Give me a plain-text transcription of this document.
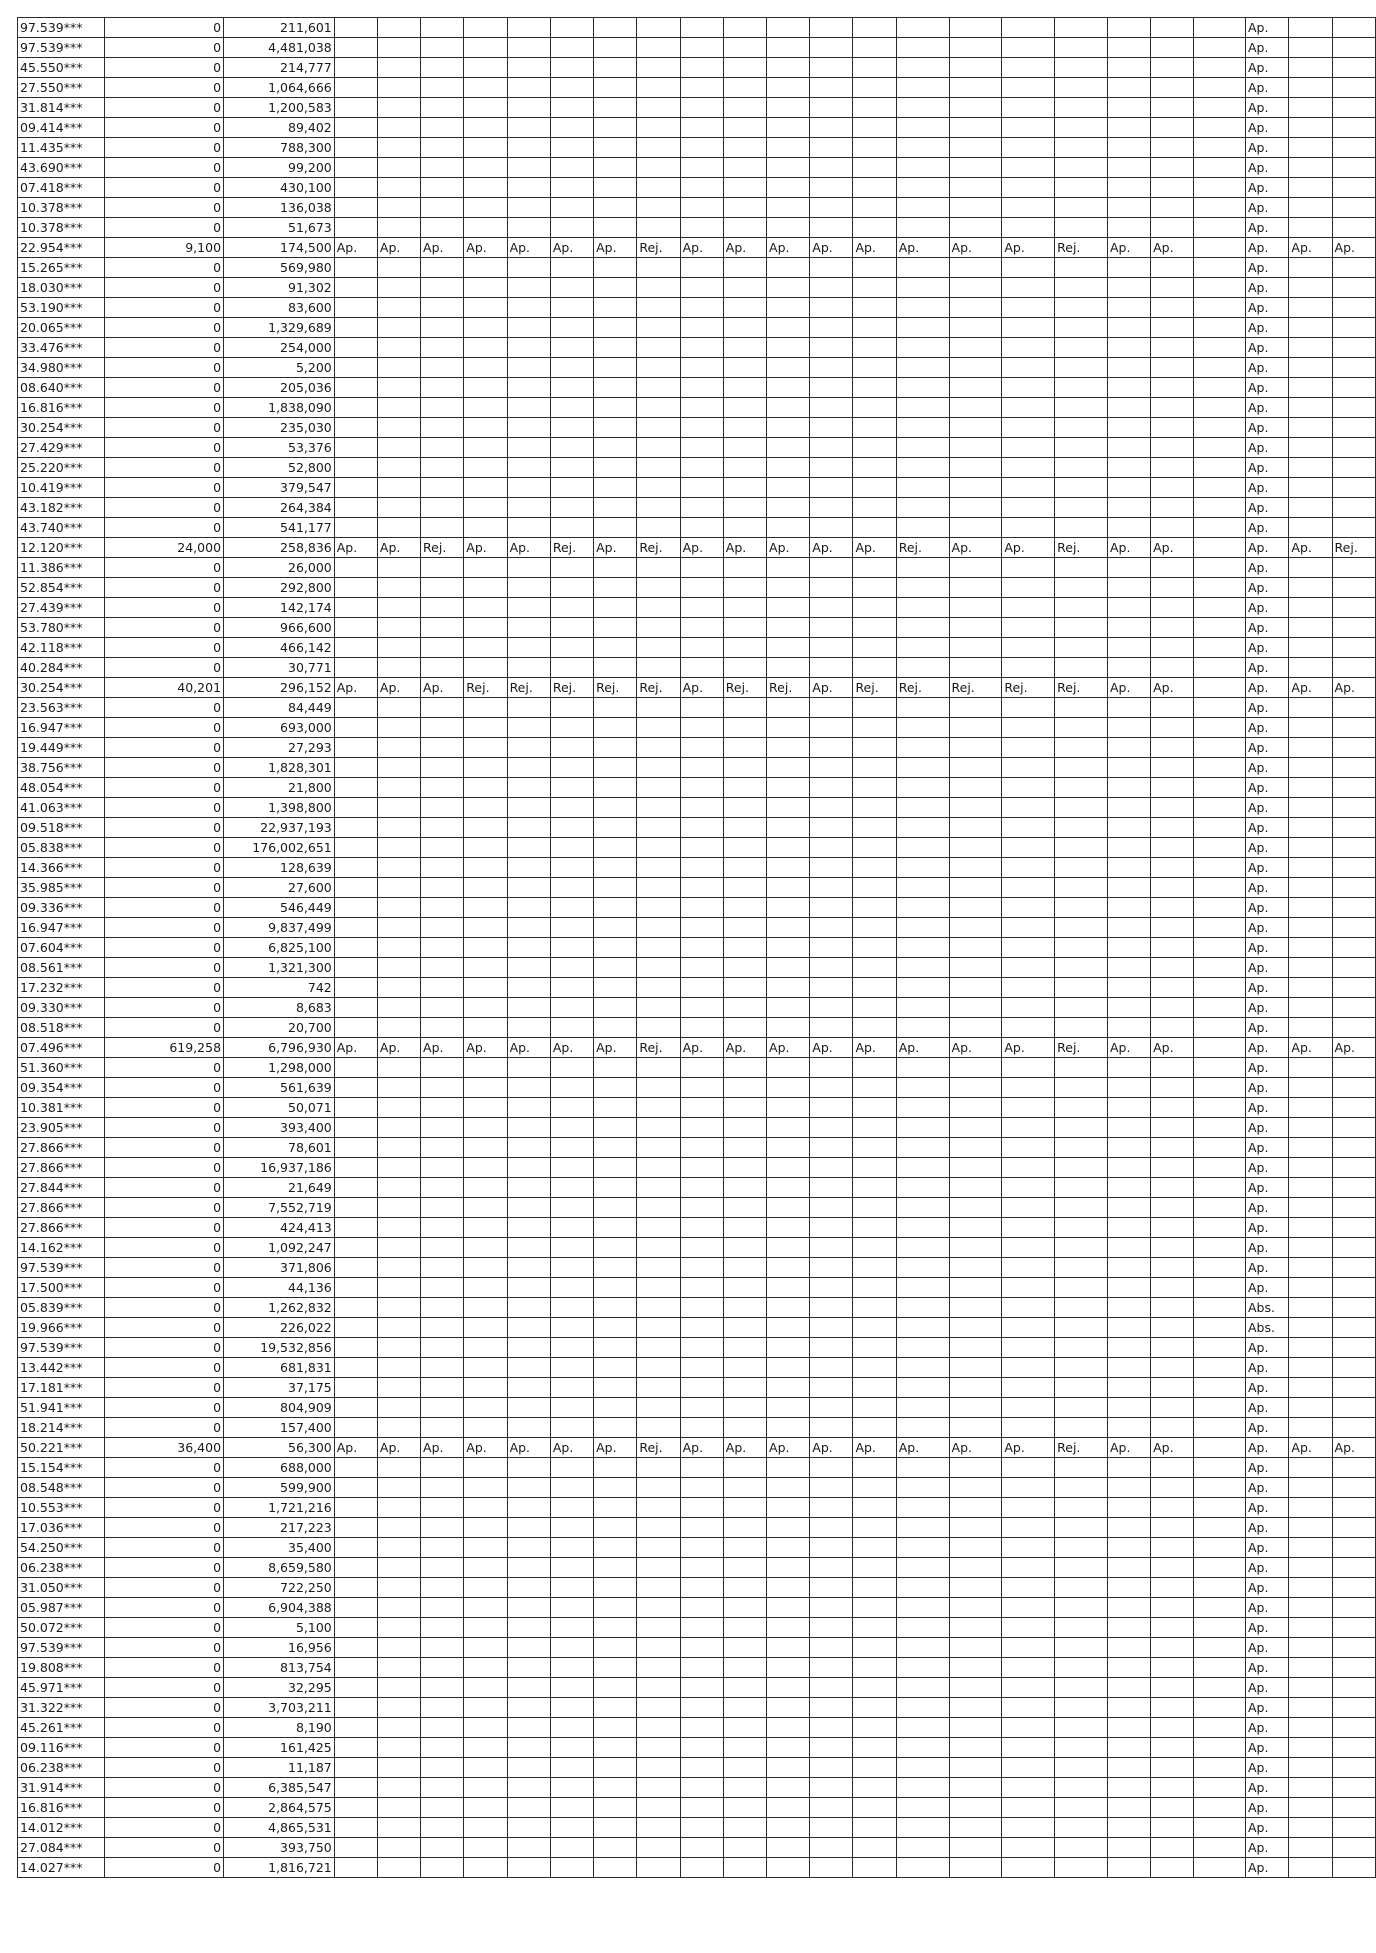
97.539***	0	211,601																					Ap.		
97.539***	0	4,481,038																					Ap.		
45.550***	0	214,777																					Ap.		
27.550***	0	1,064,666																					Ap.		
31.814***	0	1,200,583																					Ap.		
09.414***	0	89,402																					Ap.		
11.435***	0	788,300																					Ap.		
43.690***	0	99,200																					Ap.		
07.418***	0	430,100																					Ap.		
10.378***	0	136,038																					Ap.		
10.378***	0	51,673																					Ap.		
22.954***	9,100	174,500	Ap.	Ap.	Ap.	Ap.	Ap.	Ap.	Ap.	Rej.	Ap.	Ap.	Ap.	Ap.	Ap.	Ap.	Ap.	Ap.	Rej.	Ap.	Ap.		Ap.	Ap.	Ap.
15.265***	0	569,980																					Ap.		
18.030***	0	91,302																					Ap.		
53.190***	0	83,600																					Ap.		
20.065***	0	1,329,689																					Ap.		
33.476***	0	254,000																					Ap.		
34.980***	0	5,200																					Ap.		
08.640***	0	205,036																					Ap.		
16.816***	0	1,838,090																					Ap.		
30.254***	0	235,030																					Ap.		
27.429***	0	53,376																					Ap.		
25.220***	0	52,800																					Ap.		
10.419***	0	379,547																					Ap.		
43.182***	0	264,384																					Ap.		
43.740***	0	541,177																					Ap.		
12.120***	24,000	258,836	Ap.	Ap.	Rej.	Ap.	Ap.	Rej.	Ap.	Rej.	Ap.	Ap.	Ap.	Ap.	Ap.	Rej.	Ap.	Ap.	Rej.	Ap.	Ap.		Ap.	Ap.	Rej.
11.386***	0	26,000																					Ap.		
52.854***	0	292,800																					Ap.		
27.439***	0	142,174																					Ap.		
53.780***	0	966,600																					Ap.		
42.118***	0	466,142																					Ap.		
40.284***	0	30,771																					Ap.		
30.254***	40,201	296,152	Ap.	Ap.	Ap.	Rej.	Rej.	Rej.	Rej.	Rej.	Ap.	Rej.	Rej.	Ap.	Rej.	Rej.	Rej.	Rej.	Rej.	Ap.	Ap.		Ap.	Ap.	Ap.
23.563***	0	84,449																					Ap.		
16.947***	0	693,000																					Ap.		
19.449***	0	27,293																					Ap.		
38.756***	0	1,828,301																					Ap.		
48.054***	0	21,800																					Ap.		
41.063***	0	1,398,800																					Ap.		
09.518***	0	22,937,193																					Ap.		
05.838***	0	176,002,651																					Ap.		
14.366***	0	128,639																					Ap.		
35.985***	0	27,600																					Ap.		
09.336***	0	546,449																					Ap.		
16.947***	0	9,837,499																					Ap.		
07.604***	0	6,825,100																					Ap.		
08.561***	0	1,321,300																					Ap.		
17.232***	0	742																					Ap.		
09.330***	0	8,683																					Ap.		
08.518***	0	20,700																					Ap.		
07.496***	619,258	6,796,930	Ap.	Ap.	Ap.	Ap.	Ap.	Ap.	Ap.	Rej.	Ap.	Ap.	Ap.	Ap.	Ap.	Ap.	Ap.	Ap.	Rej.	Ap.	Ap.		Ap.	Ap.	Ap.
51.360***	0	1,298,000																					Ap.		
09.354***	0	561,639																					Ap.		
10.381***	0	50,071																					Ap.		
23.905***	0	393,400																					Ap.		
27.866***	0	78,601																					Ap.		
27.866***	0	16,937,186																					Ap.		
27.844***	0	21,649																					Ap.		
27.866***	0	7,552,719																					Ap.		
27.866***	0	424,413																					Ap.		
14.162***	0	1,092,247																					Ap.		
97.539***	0	371,806																					Ap.		
17.500***	0	44,136																					Ap.		
05.839***	0	1,262,832																					Abs.		
19.966***	0	226,022																					Abs.		
97.539***	0	19,532,856																					Ap.		
13.442***	0	681,831																					Ap.		
17.181***	0	37,175																					Ap.		
51.941***	0	804,909																					Ap.		
18.214***	0	157,400																					Ap.		
50.221***	36,400	56,300	Ap.	Ap.	Ap.	Ap.	Ap.	Ap.	Ap.	Rej.	Ap.	Ap.	Ap.	Ap.	Ap.	Ap.	Ap.	Ap.	Rej.	Ap.	Ap.		Ap.	Ap.	Ap.
15.154***	0	688,000																					Ap.		
08.548***	0	599,900																					Ap.		
10.553***	0	1,721,216																					Ap.		
17.036***	0	217,223																					Ap.		
54.250***	0	35,400																					Ap.		
06.238***	0	8,659,580																					Ap.		
31.050***	0	722,250																					Ap.		
05.987***	0	6,904,388																					Ap.		
50.072***	0	5,100																					Ap.		
97.539***	0	16,956																					Ap.		
19.808***	0	813,754																					Ap.		
45.971***	0	32,295																					Ap.		
31.322***	0	3,703,211																					Ap.		
45.261***	0	8,190																					Ap.		
09.116***	0	161,425																					Ap.		
06.238***	0	11,187																					Ap.		
31.914***	0	6,385,547																					Ap.		
16.816***	0	2,864,575																					Ap.		
14.012***	0	4,865,531																					Ap.		
27.084***	0	393,750																					Ap.		
14.027***	0	1,816,721																					Ap.		
